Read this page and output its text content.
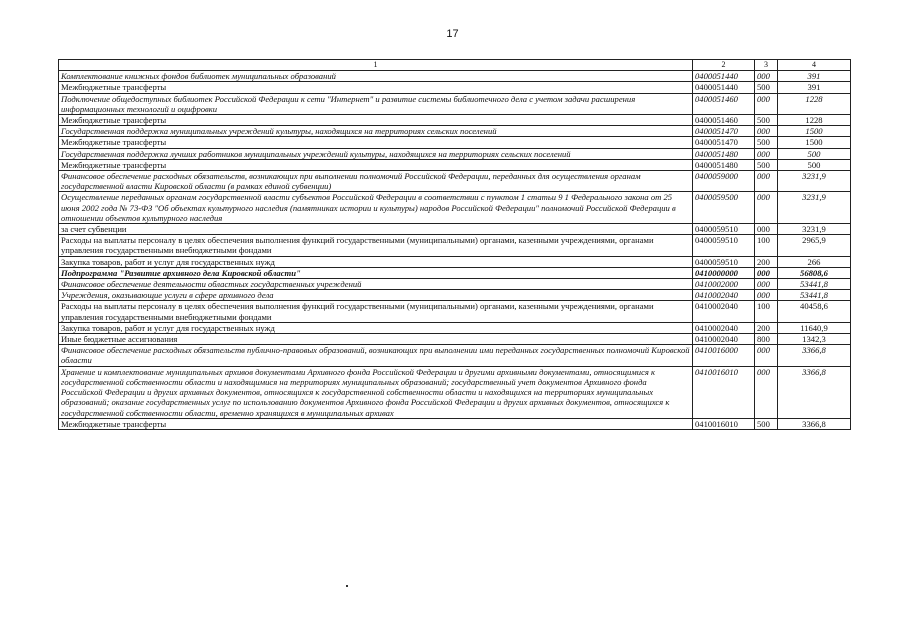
17
1	2	3	4
Комплектование книжных фондов библиотек муниципальных образований	0400051440	000	391
Межбюджетные трансферты	0400051440	500	391
Подключение общедоступных библиотек Российской Федерации к сети "Интернет" и развитие системы библиотечного дела с учетом задачи расширения информационных технологий и оцифровки	0400051460	000	1228
Межбюджетные трансферты	0400051460	500	1228
Государственная поддержка муниципальных учреждений культуры, находящихся на территориях сельских поселений	0400051470	000	1500
Межбюджетные трансферты	0400051470	500	1500
Государственная поддержка лучших работников муниципальных учреждений культуры, находящихся на территориях сельских поселений	0400051480	000	500
Межбюджетные трансферты	0400051480	500	500
Финансовое обеспечение расходных обязательств, возникающих при выполнении полномочий Российской Федерации, переданных для осуществления органам государственной власти Кировской области (в рамках единой субвенции)	0400059000	000	3231,9
Осуществление переданных органам государственной власти субъектов Российской Федерации в соответствии с пунктом 1 статьи 9 1 Федерального закона от 25 июня 2002 года № 73-ФЗ "Об объектах культурного наследия (памятниках истории и культуры) народов Российской Федерации" полномочий Российской Федерации в отношении объектов культурного наследия	0400059500	000	3231,9
за счет субвенции	0400059510	000	3231,9
Расходы на выплаты персоналу в целях обеспечения выполнения функций государственными (муниципальными) органами, казенными учреждениями, органами управления государственными внебюджетными фондами	0400059510	100	2965,9
Закупка товаров, работ и услуг для государственных нужд	0400059510	200	266
Подпрограмма "Развитие архивного дела Кировской области"	0410000000	000	56808,6
Финансовое обеспечение деятельности областных государственных учреждений	0410002000	000	53441,8
Учреждения, оказывающие услуги в сфере архивного дела	0410002040	000	53441,8
Расходы на выплаты персоналу в целях обеспечения выполнения функций государственными (муниципальными) органами, казенными учреждениями, органами управления государственными внебюджетными фондами	0410002040	100	40458,6
Закупка товаров, работ и услуг для государственных нужд	0410002040	200	11640,9
Иные бюджетные ассигнования	0410002040	800	1342,3
Финансовое обеспечение расходных обязательств публично-правовых образований, возникающих при выполнении ими переданных государственных полномочий Кировской области	0410016000	000	3366,8
Хранение и комплектование муниципальных архивов документами Архивного фонда Российской Федерации и другими архивными документами, относящимися к государственной собственности области и находящимися на территориях муниципальных образований; государственный учет документов Архивного фонда Российской Федерации и других архивных документов, относящихся к государственной собственности области и находящихся на территориях муниципальных образований; оказание государственных услуг по использованию документов Архивного фонда Российской Федерации и других архивных документов, относящихся к государственной собственности области, временно хранящихся в муниципальных архивах	0410016010	000	3366,8
Межбюджетные трансферты	0410016010	500	3366,8
